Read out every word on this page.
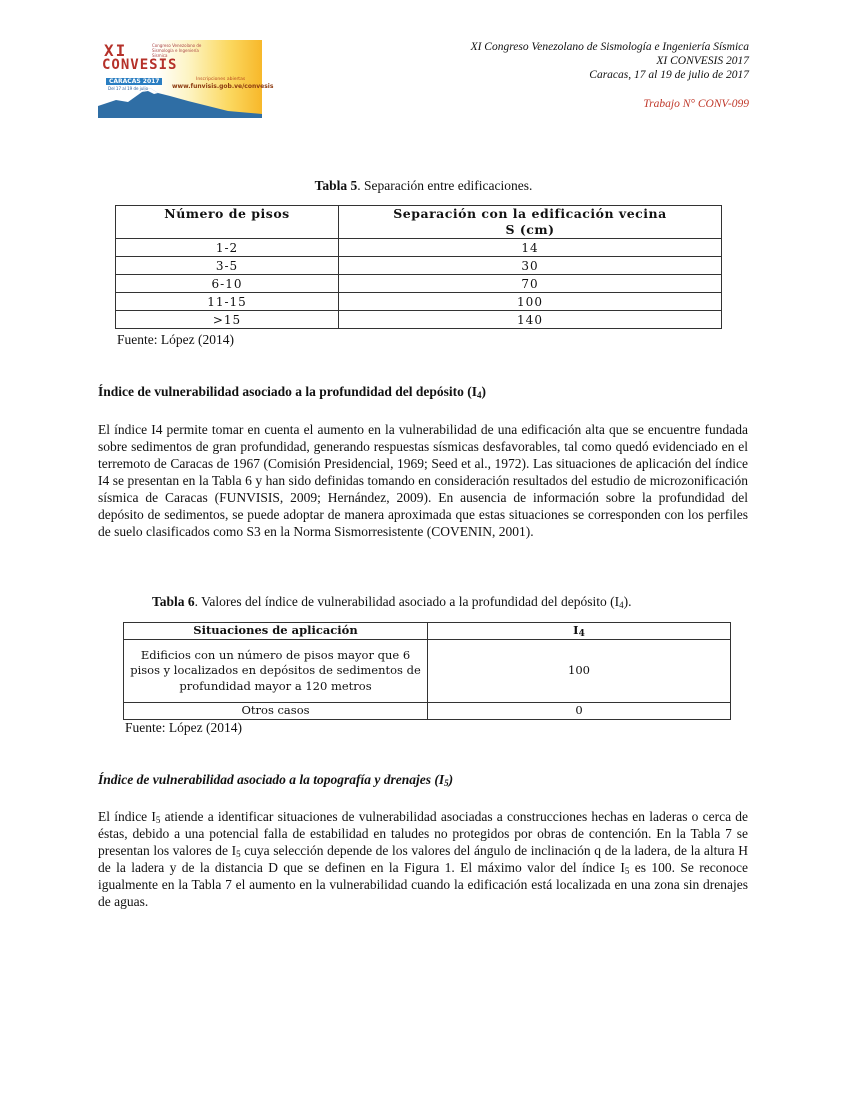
XI	Congreso Venezolano de Sismología e Ingeniería Sísmica
CONVESIS
CARACAS 2017
Del 17 al 19 de julio
Inscripciones abiertas
www.funvisis.gob.ve/convesis
XI Congreso Venezolano de Sismología e Ingeniería Sísmica
XI CONVESIS 2017
Caracas, 17 al 19 de julio de 2017
Trabajo N° CONV-099
Tabla 5. Separación entre edificaciones.
Número de pisos	Separación con la edificación vecina
S (cm)

1-2	14
3-5	30
6-10	70
11-15	100
>15	140
Fuente: López (2014)
Índice de vulnerabilidad asociado a la profundidad del depósito $(I_4)$
El índice I4 permite tomar en cuenta el aumento en la vulnerabilidad de una edificación alta que se encuentre fundada sobre sedimentos de gran profundidad, generando respuestas sísmicas desfavorables, tal como quedó evidenciado en el terremoto de Caracas de 1967 (Comisión Presidencial, 1969; Seed et al., 1972). Las situaciones de aplicación del índice I4 se presentan en la Tabla 6 y han sido definidas tomando en consideración resultados del estudio de microzonificación sísmica de Caracas (FUNVISIS, 2009; Hernández, 2009). En ausencia de información sobre la profundidad del depósito de sedimentos, se puede adoptar de manera aproximada que estas situaciones se corresponden con los perfiles de suelo clasificados como S3 en la Norma Sismorresistente (COVENIN, 2001).
Tabla 6. Valores del índice de vulnerabilidad asociado a la profundidad del depósito $(I_4)$.
Situaciones de aplicación	$I_4$
Edificios con un número de pisos mayor que 6 pisos y localizados en depósitos de sedimentos de profundidad mayor a 120 metros	100
Otros casos	0
Fuente: López (2014)
Índice de vulnerabilidad asociado a la topografía y drenajes $(I_5)$
El índice $I_5$ atiende a identificar situaciones de vulnerabilidad asociadas a construcciones hechas en laderas o cerca de éstas, debido a una potencial falla de estabilidad en taludes no protegidos por obras de contención. En la Tabla 7 se presentan los valores de $I_5$ cuya selección depende de los valores del ángulo de inclinación q de la ladera, de la altura H de la ladera y de la distancia D que se definen en la Figura 1. El máximo valor del índice $I_5$ es 100. Se reconoce igualmente en la Tabla 7 el aumento en la vulnerabilidad cuando la edificación está localizada en una zona sin drenajes de aguas.
